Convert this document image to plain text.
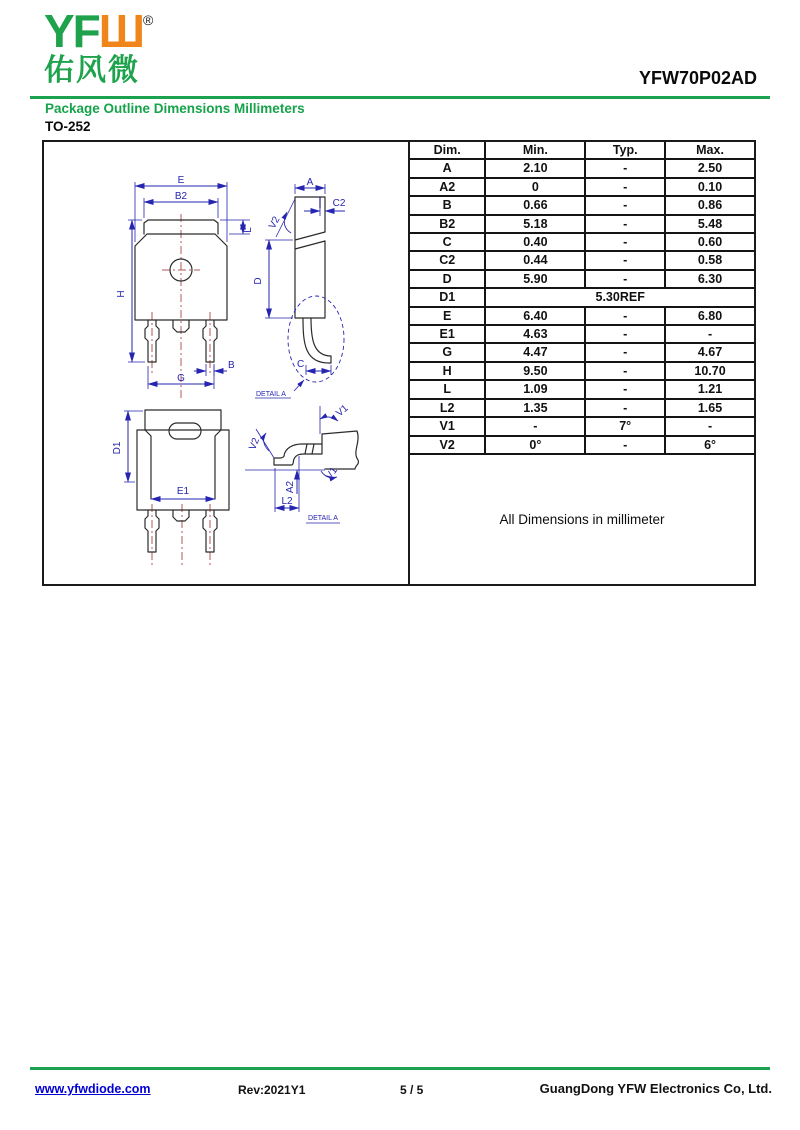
YFШ®
佑风微	YFW70P02AD
Package Outline Dimensions Millimeters
TO-252
E
B2
H
L
B
G
A
C2
V2
D
C
DETAIL A
D1
E1
V1
V2
A2
L2
V1
DETAIL A
Dim.	Min.	Typ.	Max.
A	2.10	-	2.50
A2	0	-	0.10
B	0.66	-	0.86
B2	5.18	-	5.48
C	0.40	-	0.60
C2	0.44	-	0.58
D	5.90	-	6.30
D1	5.30REF		
E	6.40	-	6.80
E1	4.63	-	-
G	4.47	-	4.67
H	9.50	-	10.70
L	1.09	-	1.21
L2	1.35	-	1.65
V1	-	7°	-
V2	0°	-	6°
All Dimensions in millimeter
www.yfwdiode.com	Rev:2021Y1	5 / 5	GuangDong YFW Electronics Co, Ltd.
